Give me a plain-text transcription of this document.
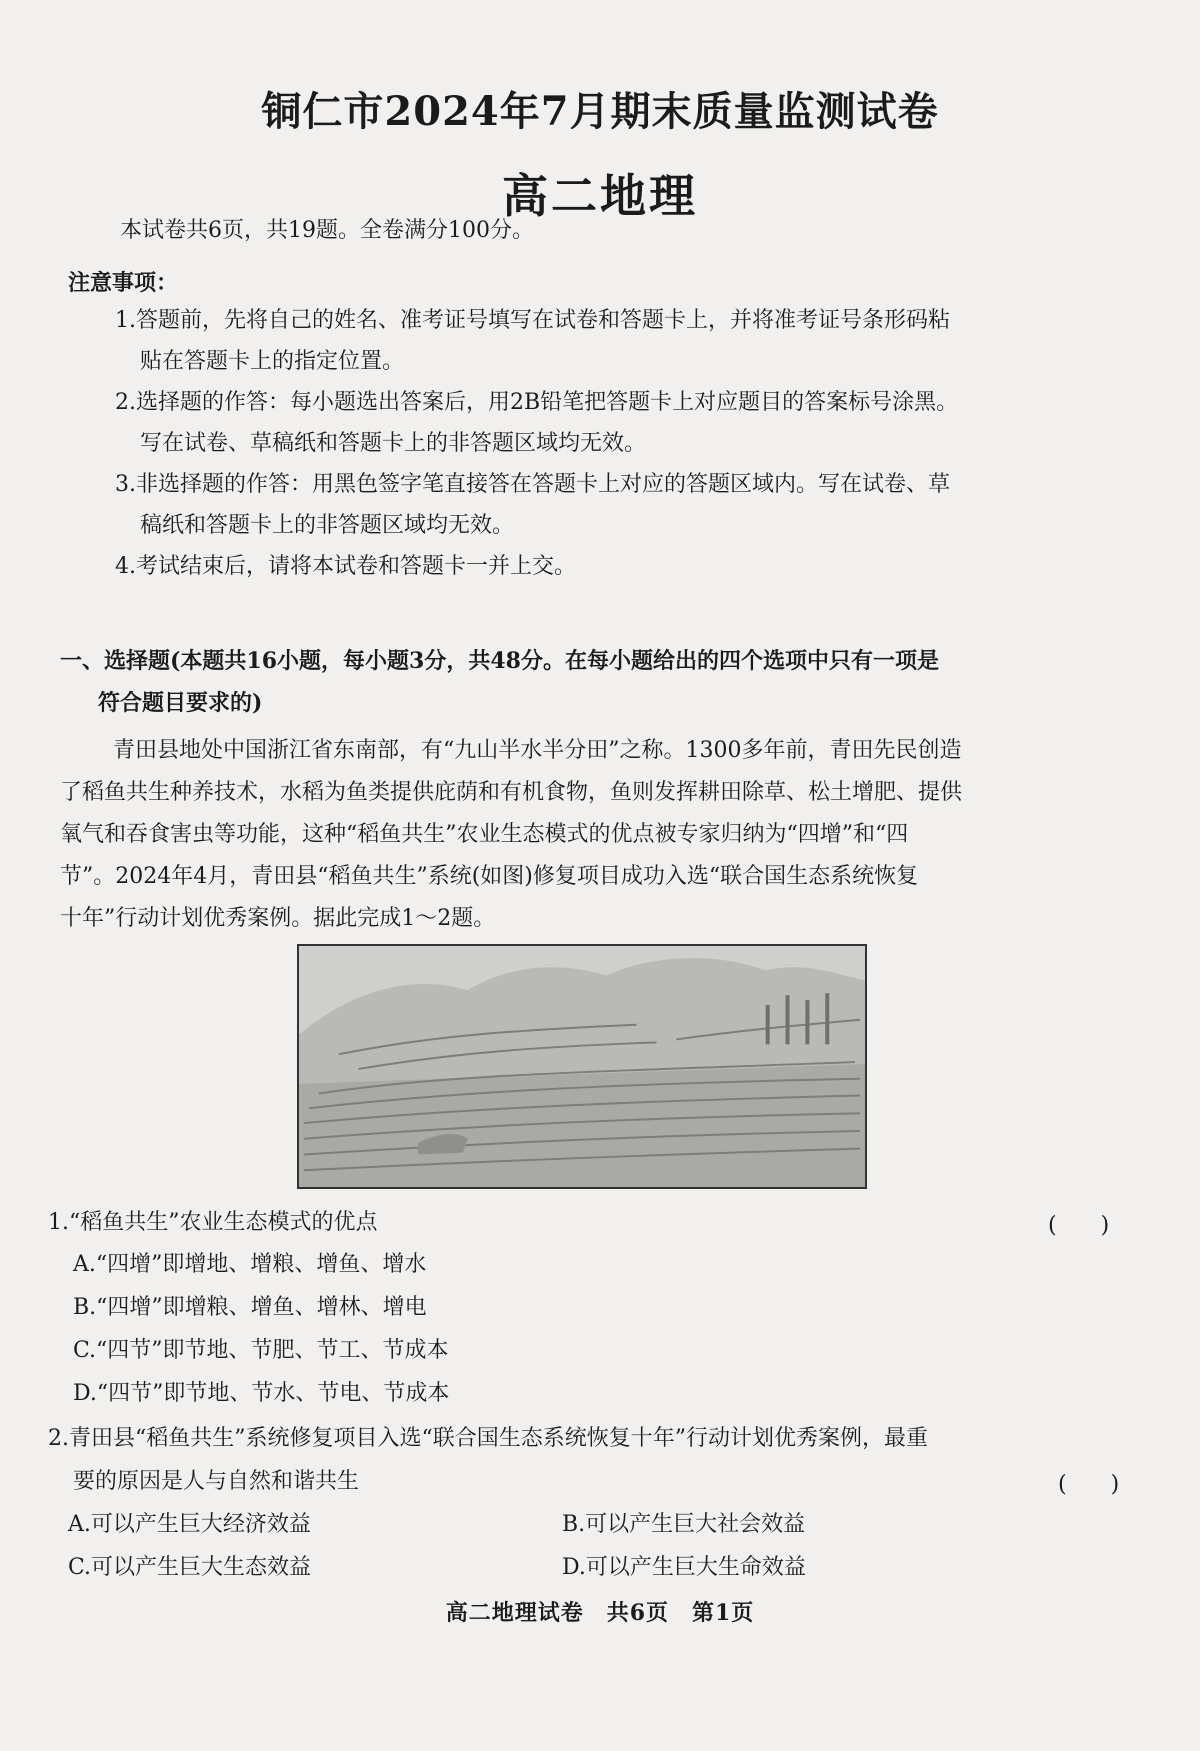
铜仁市2024年7月期末质量监测试卷
高二地理
本试卷共6页，共19题。全卷满分100分。
注意事项：
1.答题前，先将自己的姓名、准考证号填写在试卷和答题卡上，并将准考证号条形码粘
贴在答题卡上的指定位置。
2.选择题的作答：每小题选出答案后，用2B铅笔把答题卡上对应题目的答案标号涂黑。
写在试卷、草稿纸和答题卡上的非答题区域均无效。
3.非选择题的作答：用黑色签字笔直接答在答题卡上对应的答题区域内。写在试卷、草
稿纸和答题卡上的非答题区域均无效。
4.考试结束后，请将本试卷和答题卡一并上交。
一、选择题(本题共16小题，每小题3分，共48分。在每小题给出的四个选项中只有一项是
符合题目要求的)
青田县地处中国浙江省东南部，有“九山半水半分田”之称。1300多年前，青田先民创造
了稻鱼共生种养技术，水稻为鱼类提供庇荫和有机食物，鱼则发挥耕田除草、松土增肥、提供
氧气和吞食害虫等功能，这种“稻鱼共生”农业生态模式的优点被专家归纳为“四增”和“四
节”。2024年4月，青田县“稻鱼共生”系统(如图)修复项目成功入选“联合国生态系统恢复
十年”行动计划优秀案例。据此完成1～2题。
1.“稻鱼共生”农业生态模式的优点	(　　)
A.“四增”即增地、增粮、增鱼、增水
B.“四增”即增粮、增鱼、增林、增电
C.“四节”即节地、节肥、节工、节成本
D.“四节”即节地、节水、节电、节成本
2.青田县“稻鱼共生”系统修复项目入选“联合国生态系统恢复十年”行动计划优秀案例，最重
要的原因是人与自然和谐共生	(　　)
A.可以产生巨大经济效益	B.可以产生巨大社会效益
C.可以产生巨大生态效益	D.可以产生巨大生命效益
高二地理试卷　共6页　第1页
